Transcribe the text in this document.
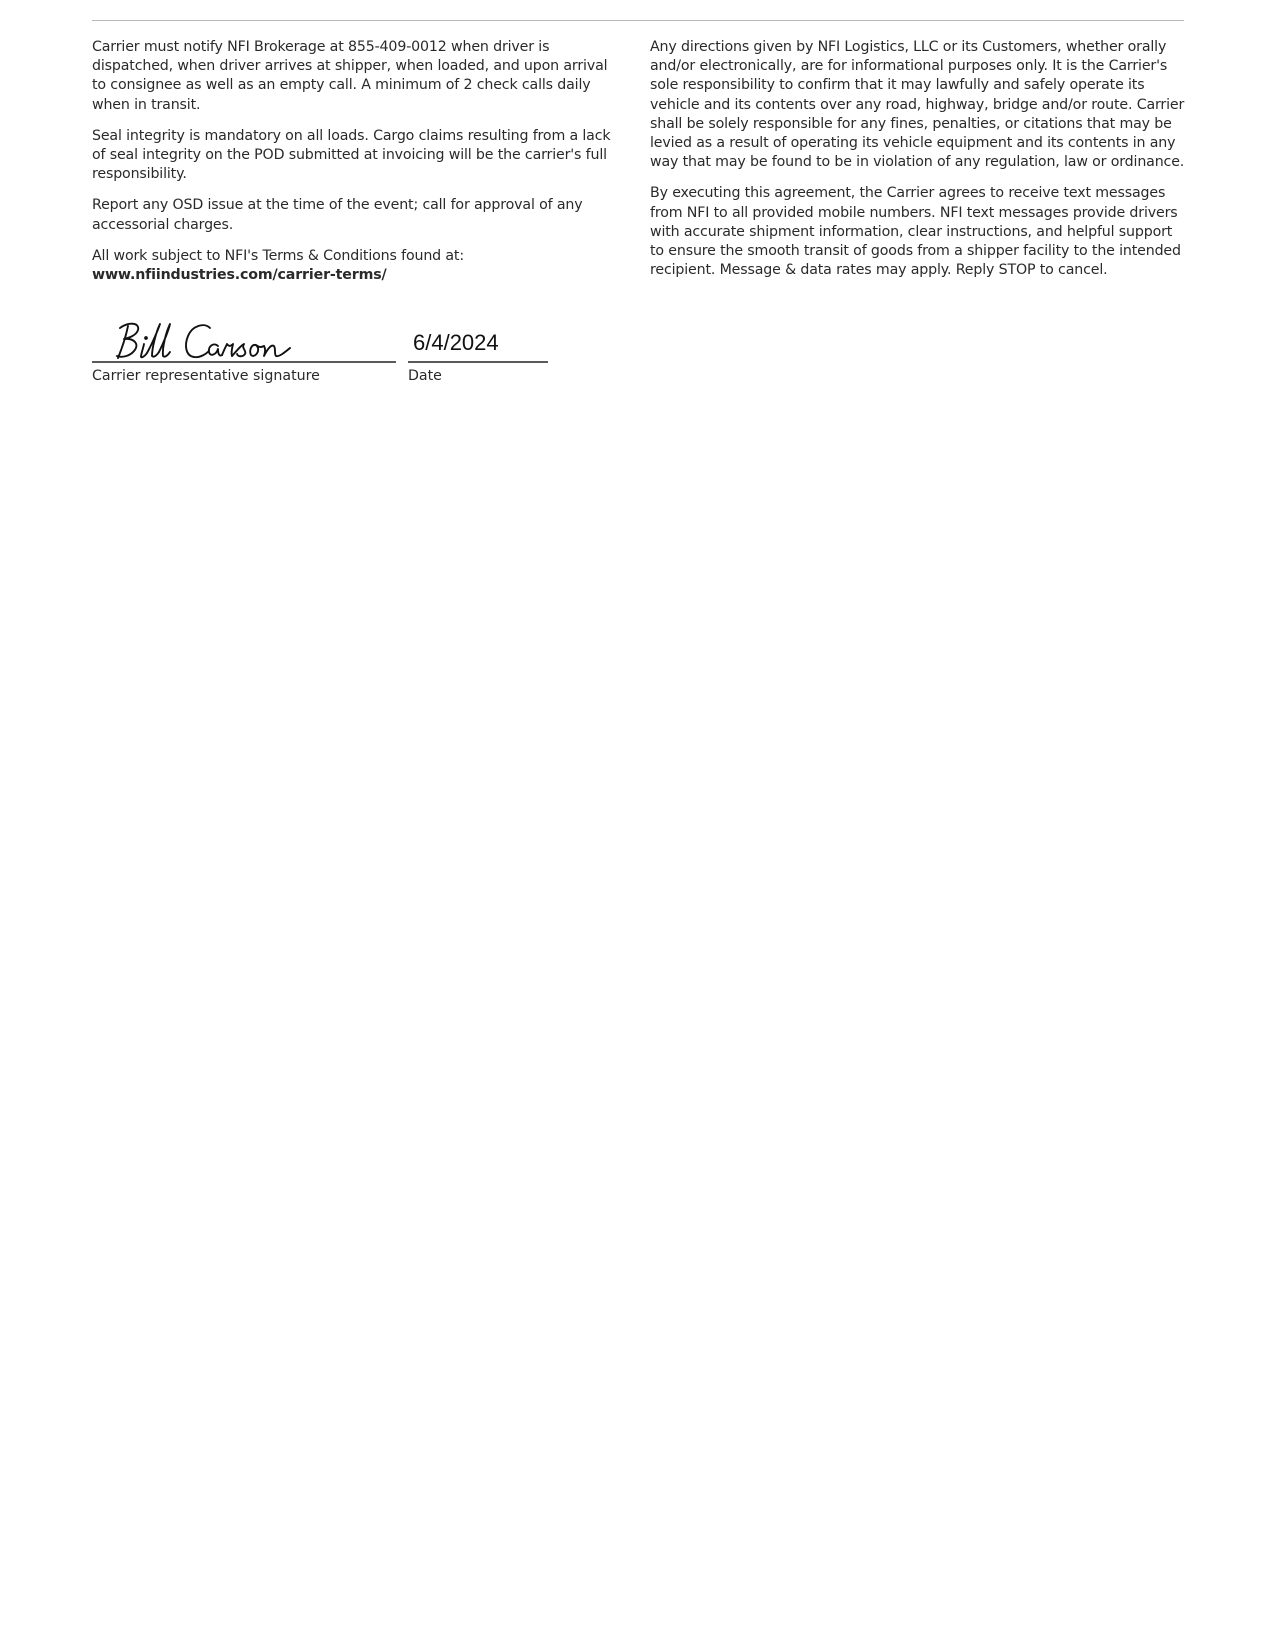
Carrier must notify NFI Brokerage at 855-409-0012 when driver is dispatched, when driver arrives at shipper, when loaded, and upon arrival to consignee as well as an empty call. A minimum of 2 check calls daily when in transit.

Seal integrity is mandatory on all loads. Cargo claims resulting from a lack of seal integrity on the POD submitted at invoicing will be the carrier's full responsibility.

Report any OSD issue at the time of the event; call for approval of any accessorial charges.

All work subject to NFI's Terms & Conditions found at:
www.nfiindustries.com/carrier-terms/

Any directions given by NFI Logistics, LLC or its Customers, whether orally and/or electronically, are for informational purposes only. It is the Carrier's sole responsibility to confirm that it may lawfully and safely operate its vehicle and its contents over any road, highway, bridge and/or route. Carrier shall be solely responsible for any fines, penalties, or citations that may be levied as a result of operating its vehicle equipment and its contents in any way that may be found to be in violation of any regulation, law or ordinance.

By executing this agreement, the Carrier agrees to receive text messages from NFI to all provided mobile numbers. NFI text messages provide drivers with accurate shipment information, clear instructions, and helpful support to ensure the smooth transit of goods from a shipper facility to the intended recipient. Message & data rates may apply. Reply STOP to cancel.

6/4/2024
Carrier representative signature	Date
